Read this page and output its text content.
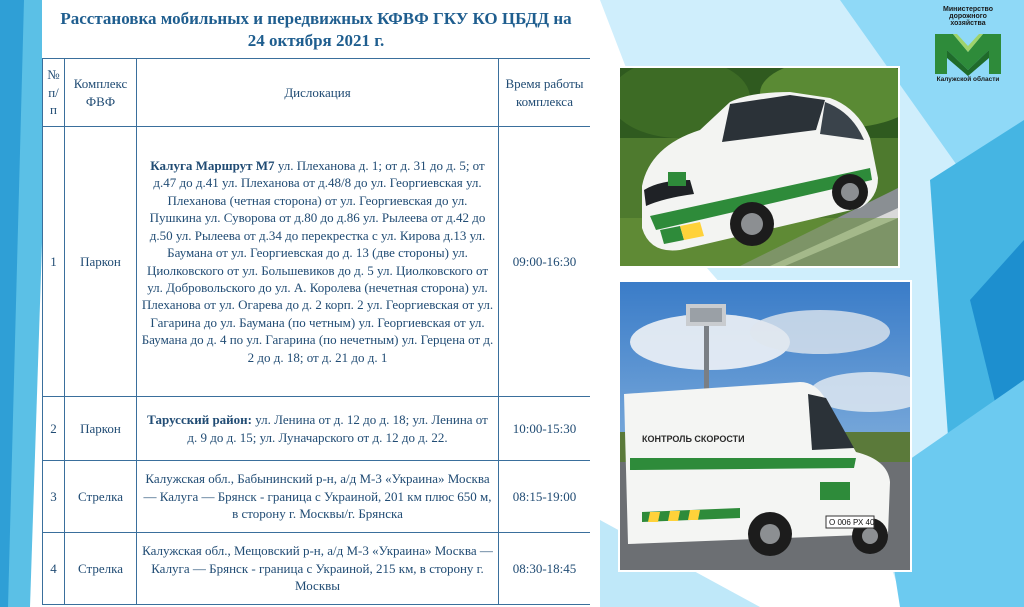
Расстановка мобильных и передвижных КФВФ ГКУ КО ЦБДД на
24 октября 2021 г.
№ п/ п	Комплекс ФВФ	Дислокация	Время работы комплекса
1	Паркон	Калуга Маршрут М7 ул. Плеханова д. 1; от д. 31 до д. 5; от д.47 до д.41 ул. Плеханова от д.48/8 до ул. Георгиевская ул. Плеханова (четная сторона) от ул. Георгиевская до ул. Пушкина ул. Суворова от д.80 до д.86 ул. Рылеева от д.42 до д.50 ул. Рылеева от д.34 до перекрестка с ул. Кирова д.13 ул. Баумана от ул. Георгиевская до д. 13 (две стороны) ул. Циолковского от ул. Большевиков до д. 5 ул. Циолковского от ул. Добровольского до ул. А. Королева (нечетная сторона) ул. Плеханова от ул. Огарева до д. 2 корп. 2 ул. Георгиевская от ул. Гагарина до ул. Баумана (по четным) ул. Георгиевская от ул. Баумана до д. 4 по ул. Гагарина (по нечетным) ул. Герцена от д. 2 до д. 18; от д. 21 до д. 1	09:00-16:30
2	Паркон	Тарусский район: ул. Ленина от д. 12 до д. 18; ул. Ленина от д. 9 до д. 15; ул. Луначарского от д. 12 до д. 22.	10:00-15:30
3	Стрелка	Калужская обл., Бабынинский р-н, а/д М-3 «Украина» Москва — Калуга — Брянск - граница с Украиной, 201 км плюс 650 м, в сторону г. Москвы/г. Брянска	08:15-19:00
4	Стрелка	Калужская обл., Мещовский р-н, а/д М-3 «Украина» Москва — Калуга — Брянск - граница с Украиной, 215 км, в сторону г. Москвы	08:30-18:45
Министерство
дорожного
хозяйства
Калужской области
КОНТРОЛЬ СКОРОСТИ
О 006 РХ 40
